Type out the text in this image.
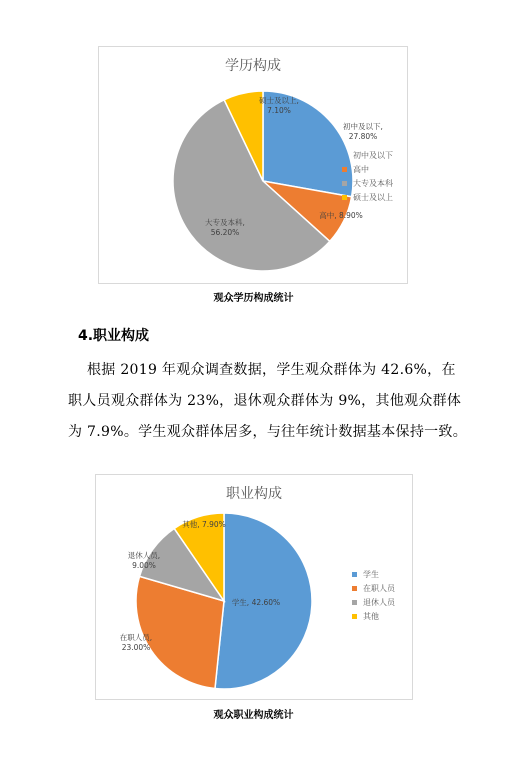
学历构成
初中及以下, 27.80%
高中, 8.90%
大专及本科, 56.20%
硕士及以上, 7.10%
初中及以下
高中
大专及本科
硕士及以上
观众学历构成统计
4.职业构成
根据 2019 年观众调查数据，学生观众群体为 42.6%，在
职人员观众群体为 23%，退休观众群体为 9%，其他观众群体
为 7.9%。学生观众群体居多，与往年统计数据基本保持一致。
职业构成
学生, 42.60%
在职人员, 23.00%
退休人员, 9.00%
其他, 7.90%
学生
在职人员
退休人员
其他
观众职业构成统计
